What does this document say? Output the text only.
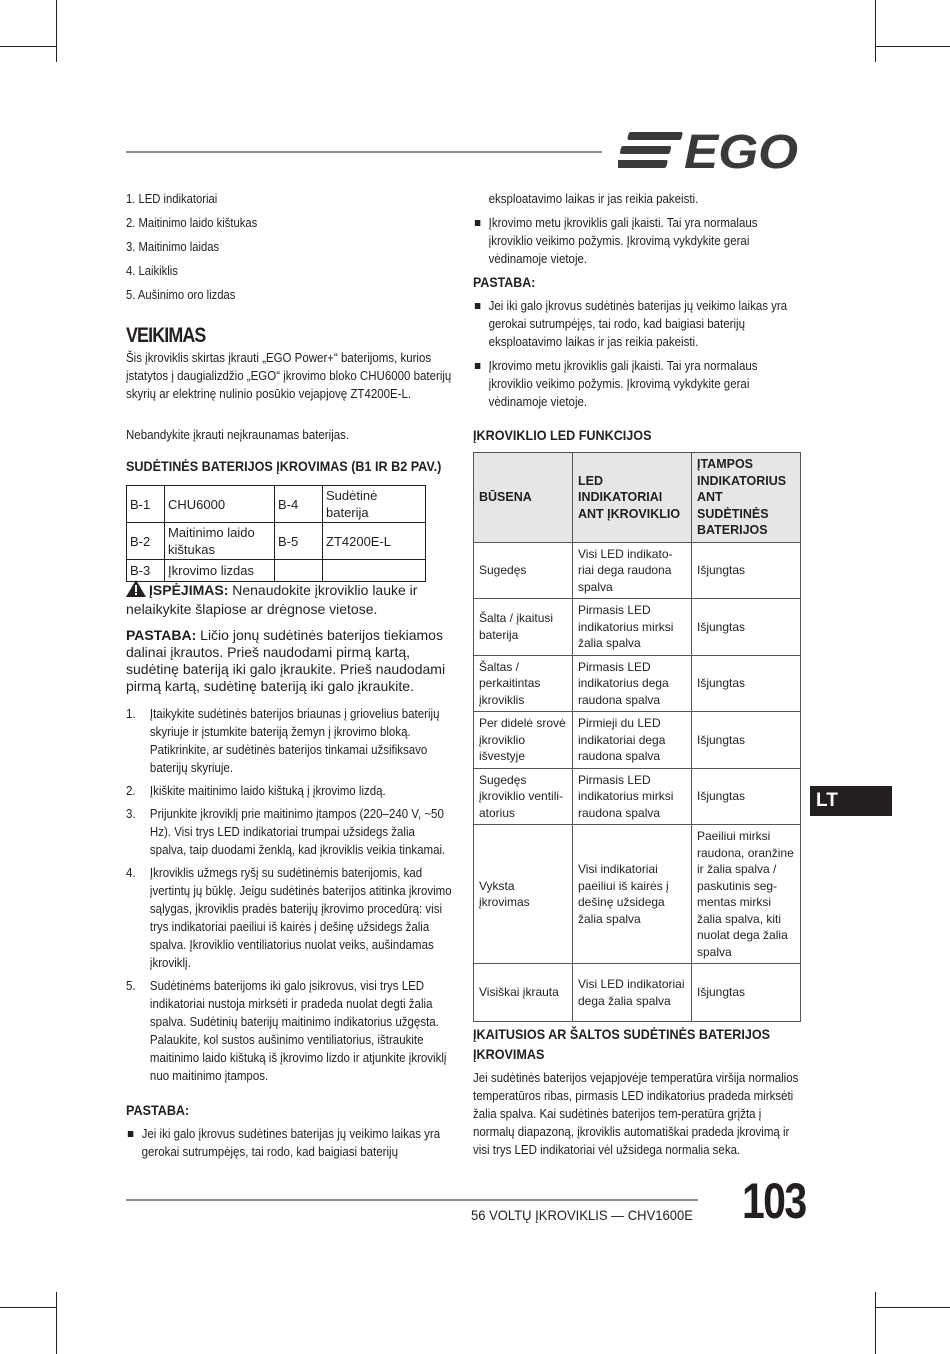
EGO
LT
1. LED indikatoriai
2. Maitinimo laido kištukas
3. Maitinimo laidas
4. Laikiklis
5. Aušinimo oro lizdas
VEIKIMAS
Šis įkroviklis skirtas įkrauti „EGO Power+“ baterijoms, kurios įstatytos į daugializdžio „EGO“ įkrovimo bloko CHU6000 baterijų skyrių ar elektrinę nulinio posūkio vejapjovę ZT4200E-L.
Nebandykite įkrauti neįkraunamas baterijas.
SUDĖTINĖS BATERIJOS ĮKROVIMAS (B1 IR B2 PAV.)
B-1	CHU6000	B-4	Sudėtinė baterija
B-2	Maitinimo laido kištukas	B-5	ZT4200E-L
B-3	Įkrovimo lizdas		
ĮSPĖJIMAS: Nenaudokite įkroviklio lauke ir nelaikykite šlapiose ar drėgnose vietose.
PASTABA: Ličio jonų sudėtinės baterijos tiekiamos dalinai įkrautos. Prieš naudodami pirmą kartą, sudėtinę bateriją iki galo įkraukite. Prieš naudodami pirmą kartą, sudėtinę bateriją iki galo įkraukite.
1. Įtaikykite sudėtinės baterijos briaunas į griovelius baterijų skyriuje ir įstumkite bateriją žemyn į įkrovimo bloką. Patikrinkite, ar sudėtinės baterijos tinkamai užsifiksavo baterijų skyriuje.
2. Įkiškite maitinimo laido kištuką į įkrovimo lizdą.
3. Prijunkite įkroviklį prie maitinimo įtampos (220–240 V, ~50 Hz). Visi trys LED indikatoriai trumpai užsidegs žalia spalva, taip duodami ženklą, kad įkroviklis veikia tinkamai.
4. Įkroviklis užmegs ryšį su sudėtinėmis baterijomis, kad įvertintų jų būklę. Jeigu sudėtinės baterijos atitinka įkrovimo sąlygas, įkroviklis pradės baterijų įkrovimo procedūrą: visi trys indikatoriai paeiliui iš kairės į dešinę užsidegs žalia spalva. Įkroviklio ventiliatorius nuolat veiks, aušindamas įkroviklį.
5. Sudėtinėms baterijoms iki galo įsikrovus, visi trys LED indikatoriai nustoja mirksėti ir pradeda nuolat degti žalia spalva. Sudėtinių baterijų maitinimo indikatorius užgęsta. Palaukite, kol sustos aušinimo ventiliatorius, ištraukite maitinimo laido kištuką iš įkrovimo lizdo ir atjunkite įkroviklį nuo maitinimo įtampos.
PASTABA:
Jei iki galo įkrovus sudėtines baterijas jų veikimo laikas yra gerokai sutrumpėjęs, tai rodo, kad baigiasi baterijų
eksploatavimo laikas ir jas reikia pakeisti.
Įkrovimo metu įkroviklis gali įkaisti. Tai yra normalaus įkroviklio veikimo požymis. Įkrovimą vykdykite gerai vėdinamoje vietoje.
PASTABA:
Jei iki galo įkrovus sudėtinės baterijas jų veikimo laikas yra gerokai sutrumpėjęs, tai rodo, kad baigiasi baterijų eksploatavimo laikas ir jas reikia pakeisti.
Įkrovimo metu įkroviklis gali įkaisti. Tai yra normalaus įkroviklio veikimo požymis. Įkrovimą vykdykite gerai vėdinamoje vietoje.
ĮKROVIKLIO LED FUNKCIJOS
BŪSENA	LED INDIKATORIAI ANT ĮKROVIKLIO	ĮTAMPOS INDIKATORIUS ANT SUDĖTINĖS BATERIJOS
Sugedęs	Visi LED indikato-riai dega raudona spalva	Išjungtas
Šalta / įkaitusi baterija	Pirmasis LED indikatorius mirksi žalia spalva	Išjungtas
Šaltas / perkaitintas įkroviklis	Pirmasis LED indikatorius dega raudona spalva	Išjungtas
Per didelė srovė įkroviklio išvestyje	Pirmieji du LED indikatoriai dega raudona spalva	Išjungtas
Sugedęs įkroviklio ventili-atorius	Pirmasis LED indikatorius mirksi raudona spalva	Išjungtas
Vyksta įkrovimas	Visi indikatoriai paeiliui iš kairės į dešinę užsidega žalia spalva	Paeiliui mirksi raudona, oranžine ir žalia spalva / paskutinis seg-mentas mirksi žalia spalva, kiti nuolat dega žalia spalva
Visiškai įkrauta	Visi LED indikatoriai dega žalia spalva	Išjungtas
ĮKAITUSIOS AR ŠALTOS SUDĖTINĖS BATERIJOS ĮKROVIMAS
Jei sudėtinės baterijos vejapjovėje temperatūra viršija normalios temperatūros ribas, pirmasis LED indikatorius pradeda mirksėti žalia spalva. Kai sudėtinės baterijos tem-peratūra grįžta į normalų diapazoną, įkroviklis automatiškai pradeda įkrovimą ir visi trys LED indikatoriai vėl užsidega normalia seka.
56 VOLTŲ ĮKROVIKLIS — CHV1600E 103
